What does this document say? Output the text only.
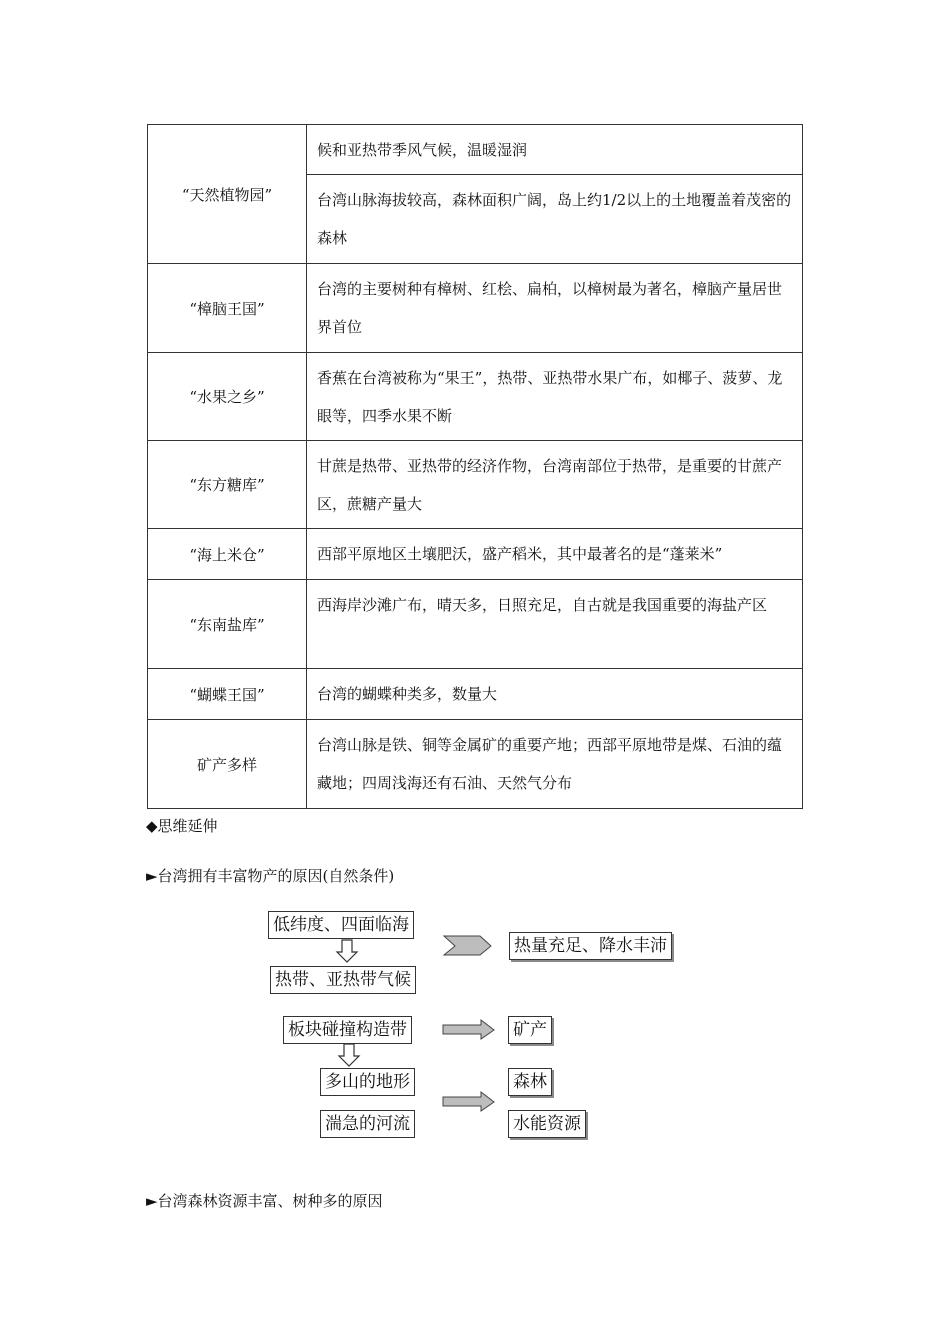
“天然植物园”	候和亚热带季风气候，温暖湿润
	台湾山脉海拔较高，森林面积广阔，岛上约1/2以上的土地覆盖着茂密的森林
“樟脑王国”	台湾的主要树种有樟树、红桧、扁柏，以樟树最为著名，樟脑产量居世界首位
“水果之乡”	香蕉在台湾被称为“果王”，热带、亚热带水果广布，如椰子、菠萝、龙眼等，四季水果不断
“东方糖库”	甘蔗是热带、亚热带的经济作物，台湾南部位于热带，是重要的甘蔗产区，蔗糖产量大
“海上米仓”	西部平原地区土壤肥沃，盛产稻米，其中最著名的是“蓬莱米”
“东南盐库”	西海岸沙滩广布，晴天多，日照充足，自古就是我国重要的海盐产区
“蝴蝶王国”	台湾的蝴蝶种类多，数量大
矿产多样	台湾山脉是铁、铜等金属矿的重要产地；西部平原地带是煤、石油的蕴藏地；四周浅海还有石油、天然气分布
◆思维延伸
►台湾拥有丰富物产的原因(自然条件)
低纬度、四面临海
热带、亚热带气候
热量充足、降水丰沛
板块碰撞构造带	矿产
多山的地形	森林
湍急的河流	水能资源
►台湾森林资源丰富、树种多的原因
